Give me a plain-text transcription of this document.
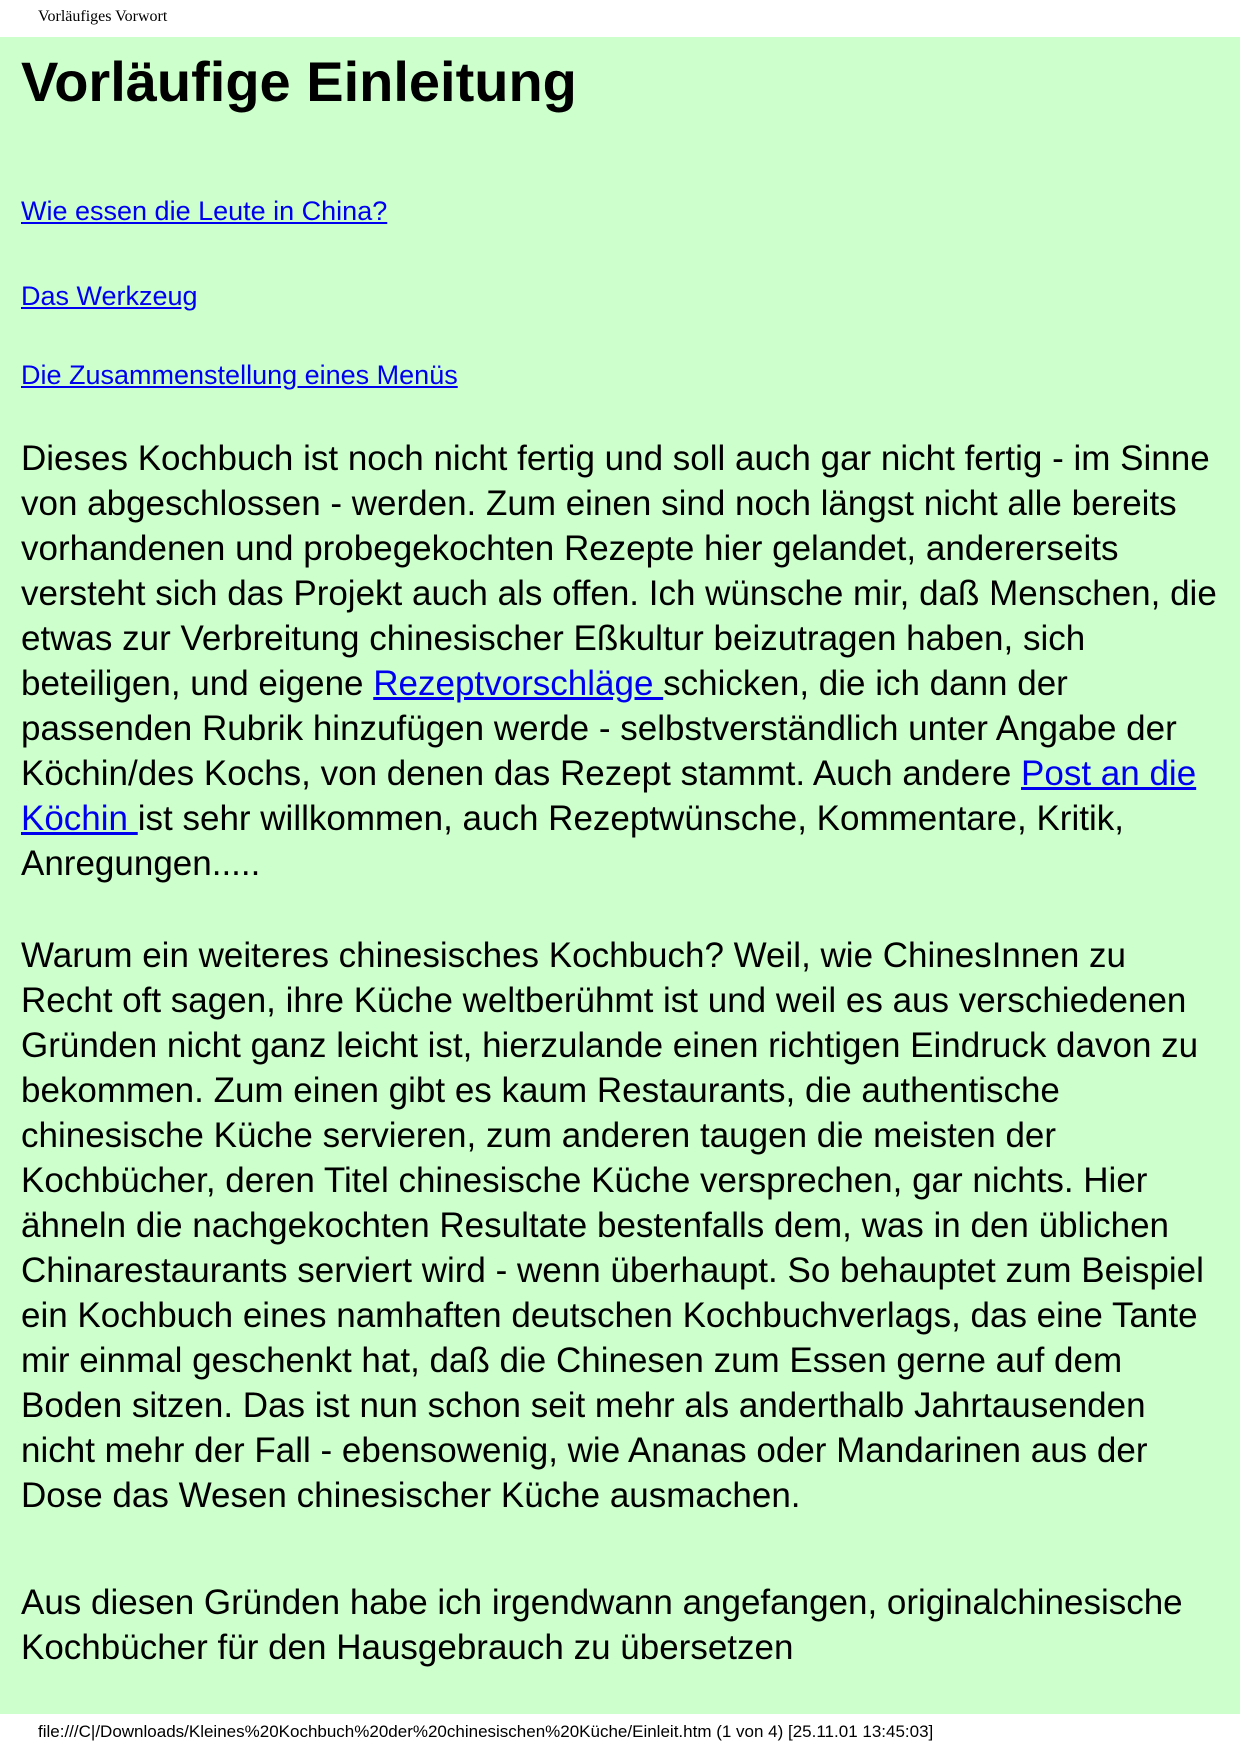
Vorläufiges Vorwort
Vorläufige Einleitung
Wie essen die Leute in China?
Das Werkzeug
Die Zusammenstellung eines Menüs

Dieses Kochbuch ist noch nicht fertig und soll auch gar nicht fertig - im Sinne von abgeschlossen - werden. Zum einen sind noch längst nicht alle bereits vorhandenen und probegekochten Rezepte hier gelandet, andererseits versteht sich das Projekt auch als offen. Ich wünsche mir, daß Menschen, die etwas zur Verbreitung chinesischer Eßkultur beizutragen haben, sich beteiligen, und eigene Rezeptvorschläge schicken, die ich dann der passenden Rubrik hinzufügen werde - selbstverständlich unter Angabe der Köchin/des Kochs, von denen das Rezept stammt. Auch andere Post an die Köchin ist sehr willkommen, auch Rezeptwünsche, Kommentare, Kritik, Anregungen.....

Warum ein weiteres chinesisches Kochbuch? Weil, wie ChinesInnen zu Recht oft sagen, ihre Küche weltberühmt ist und weil es aus verschiedenen Gründen nicht ganz leicht ist, hierzulande einen richtigen Eindruck davon zu bekommen. Zum einen gibt es kaum Restaurants, die authentische chinesische Küche servieren, zum anderen taugen die meisten der Kochbücher, deren Titel chinesische Küche versprechen, gar nichts. Hier ähneln die nachgekochten Resultate bestenfalls dem, was in den üblichen Chinarestaurants serviert wird - wenn überhaupt. So behauptet zum Beispiel ein Kochbuch eines namhaften deutschen Kochbuchverlags, das eine Tante mir einmal geschenkt hat, daß die Chinesen zum Essen gerne auf dem Boden sitzen. Das ist nun schon seit mehr als anderthalb Jahrtausenden nicht mehr der Fall - ebensowenig, wie Ananas oder Mandarinen aus der Dose das Wesen chinesischer Küche ausmachen.

Aus diesen Gründen habe ich irgendwann angefangen, originalchinesische Kochbücher für den Hausgebrauch zu übersetzen

file:///C|/Downloads/Kleines%20Kochbuch%20der%20chinesischen%20Küche/Einleit.htm (1 von 4) [25.11.01 13:45:03]
